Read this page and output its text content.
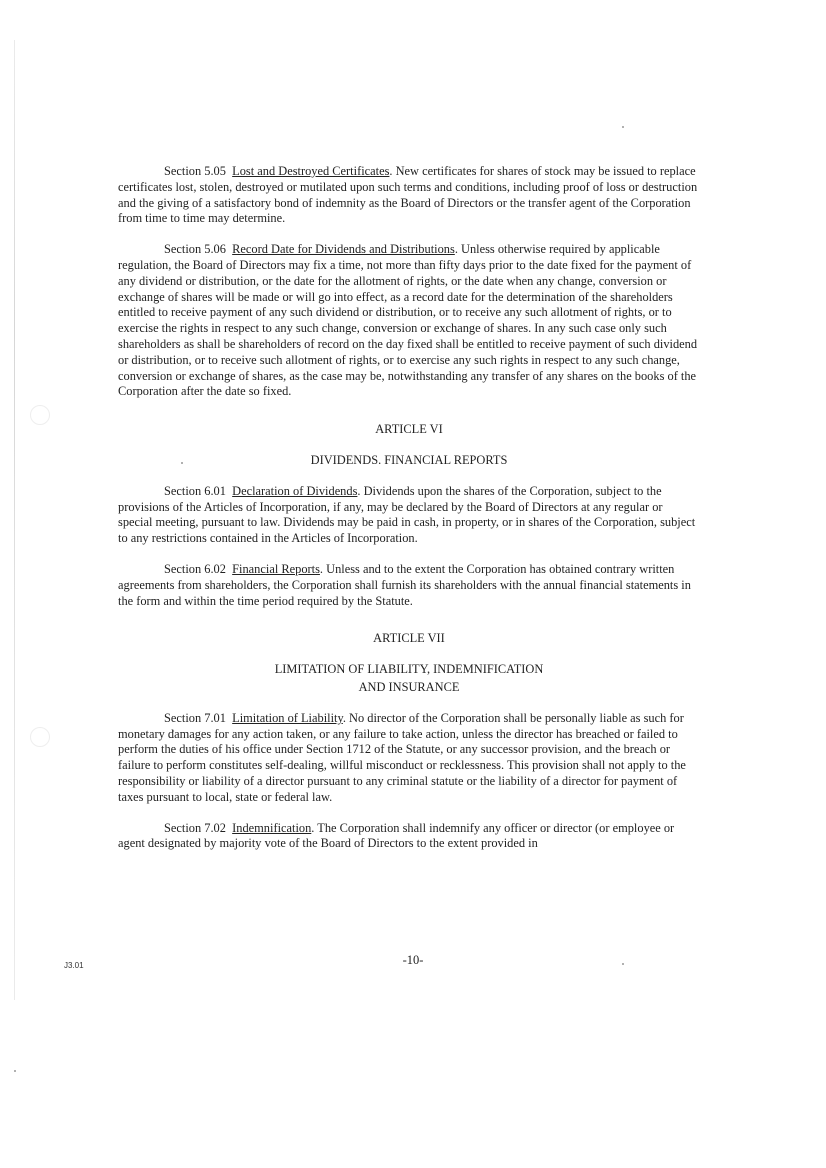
Section 5.05 Lost and Destroyed Certificates. New certificates for shares of stock may be issued to replace certificates lost, stolen, destroyed or mutilated upon such terms and conditions, including proof of loss or destruction and the giving of a satisfactory bond of indemnity as the Board of Directors or the transfer agent of the Corporation from time to time may determine.

Section 5.06 Record Date for Dividends and Distributions. Unless otherwise required by applicable regulation, the Board of Directors may fix a time, not more than fifty days prior to the date fixed for the payment of any dividend or distribution, or the date for the allotment of rights, or the date when any change, conversion or exchange of shares will be made or will go into effect, as a record date for the determination of the shareholders entitled to receive payment of any such dividend or distribution, or to receive any such allotment of rights, or to exercise the rights in respect to any such change, conversion or exchange of shares. In any such case only such shareholders as shall be shareholders of record on the day fixed shall be entitled to receive payment of such dividend or distribution, or to receive such allotment of rights, or to exercise any such rights in respect to any such change, conversion or exchange of shares, as the case may be, notwithstanding any transfer of any shares on the books of the Corporation after the date so fixed.

ARTICLE VI

DIVIDENDS. FINANCIAL REPORTS

Section 6.01 Declaration of Dividends. Dividends upon the shares of the Corporation, subject to the provisions of the Articles of Incorporation, if any, may be declared by the Board of Directors at any regular or special meeting, pursuant to law. Dividends may be paid in cash, in property, or in shares of the Corporation, subject to any restrictions contained in the Articles of Incorporation.

Section 6.02 Financial Reports. Unless and to the extent the Corporation has obtained contrary written agreements from shareholders, the Corporation shall furnish its shareholders with the annual financial statements in the form and within the time period required by the Statute.

ARTICLE VII

LIMITATION OF LIABILITY, INDEMNIFICATION

AND INSURANCE

Section 7.01 Limitation of Liability. No director of the Corporation shall be personally liable as such for monetary damages for any action taken, or any failure to take action, unless the director has breached or failed to perform the duties of his office under Section 1712 of the Statute, or any successor provision, and the breach or failure to perform constitutes self-dealing, willful misconduct or recklessness. This provision shall not apply to the responsibility or liability of a director pursuant to any criminal statute or the liability of a director for payment of taxes pursuant to local, state or federal law.

Section 7.02 Indemnification. The Corporation shall indemnify any officer or director (or employee or agent designated by majority vote of the Board of Directors to the extent provided in

-10-
J3.01
